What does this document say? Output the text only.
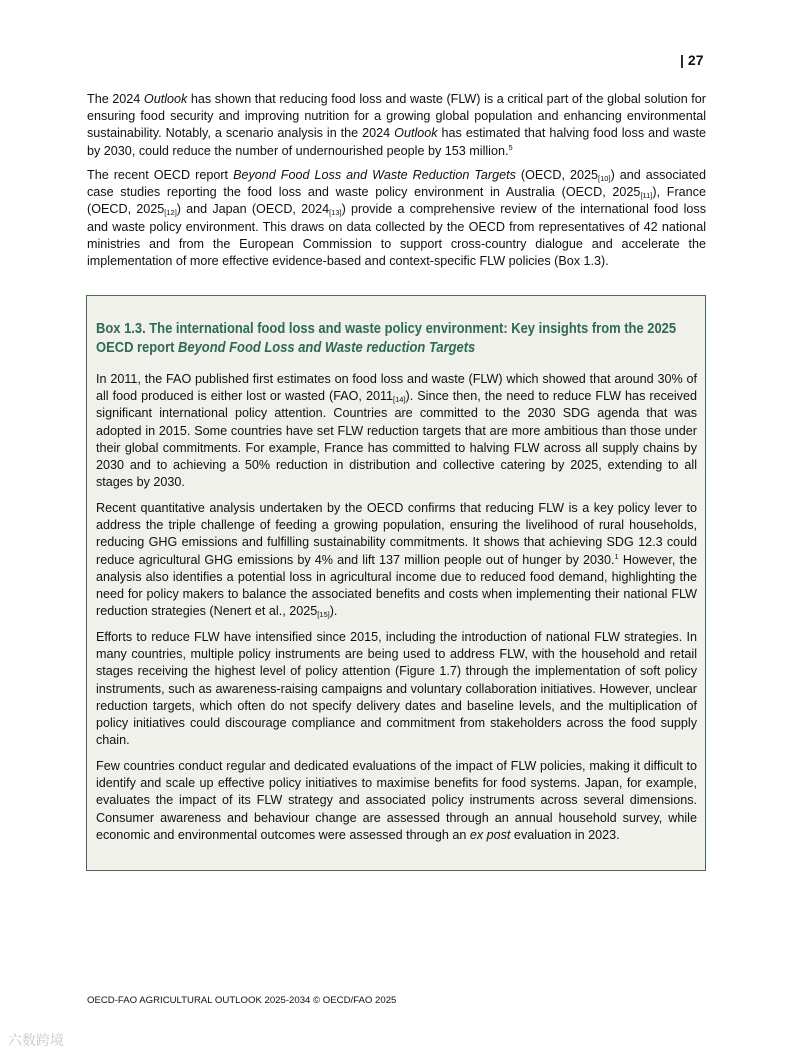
| 27

The 2024 Outlook has shown that reducing food loss and waste (FLW) is a critical part of the global solution for ensuring food security and improving nutrition for a growing global population and enhancing environmental sustainability. Notably, a scenario analysis in the 2024 Outlook has estimated that halving food loss and waste by 2030, could reduce the number of undernourished people by 153 million.$^5$

The recent OECD report Beyond Food Loss and Waste Reduction Targets (OECD, $2025_{[10]}$) and associated case studies reporting the food loss and waste policy environment in Australia (OECD, $2025_{[11]}$), France (OECD, $2025_{[12]}$) and Japan (OECD, $2024_{[13]}$) provide a comprehensive review of the international food loss and waste policy environment. This draws on data collected by the OECD from representatives of 42 national ministries and from the European Commission to support cross-country dialogue and accelerate the implementation of more effective evidence-based and context-specific FLW policies (Box 1.3).

Box 1.3. The international food loss and waste policy environment: Key insights from the 2025 OECD report Beyond Food Loss and Waste reduction Targets

In 2011, the FAO published first estimates on food loss and waste (FLW) which showed that around 30% of all food produced is either lost or wasted (FAO, $2011_{[14]}$). Since then, the need to reduce FLW has received significant international policy attention. Countries are committed to the 2030 SDG agenda that was adopted in 2015. Some countries have set FLW reduction targets that are more ambitious than those under their global commitments. For example, France has committed to halving FLW across all supply chains by 2030 and to achieving a 50% reduction in distribution and collective catering by 2025, extending to all stages by 2030.

Recent quantitative analysis undertaken by the OECD confirms that reducing FLW is a key policy lever to address the triple challenge of feeding a growing population, ensuring the livelihood of rural households, reducing GHG emissions and fulfilling sustainability commitments. It shows that achieving SDG 12.3 could reduce agricultural GHG emissions by 4% and lift 137 million people out of hunger by 2030.$^1$ However, the analysis also identifies a potential loss in agricultural income due to reduced food demand, highlighting the need for policy makers to balance the associated benefits and costs when implementing their national FLW reduction strategies (Nenert et al., $2025_{[15]}$).

Efforts to reduce FLW have intensified since 2015, including the introduction of national FLW strategies. In many countries, multiple policy instruments are being used to address FLW, with the household and retail stages receiving the highest level of policy attention (Figure 1.7) through the implementation of soft policy instruments, such as awareness-raising campaigns and voluntary collaboration initiatives. However, unclear reduction targets, which often do not specify delivery dates and baseline levels, and the multiplication of policy initiatives could discourage compliance and commitment from stakeholders across the food supply chain.

Few countries conduct regular and dedicated evaluations of the impact of FLW policies, making it difficult to identify and scale up effective policy initiatives to maximise benefits for food systems. Japan, for example, evaluates the impact of its FLW strategy and associated policy instruments across several dimensions. Consumer awareness and behaviour change are assessed through an annual household survey, while economic and environmental outcomes were assessed through an ex post evaluation in 2023.

OECD-FAO AGRICULTURAL OUTLOOK 2025-2034 © OECD/FAO 2025
六数跨境
